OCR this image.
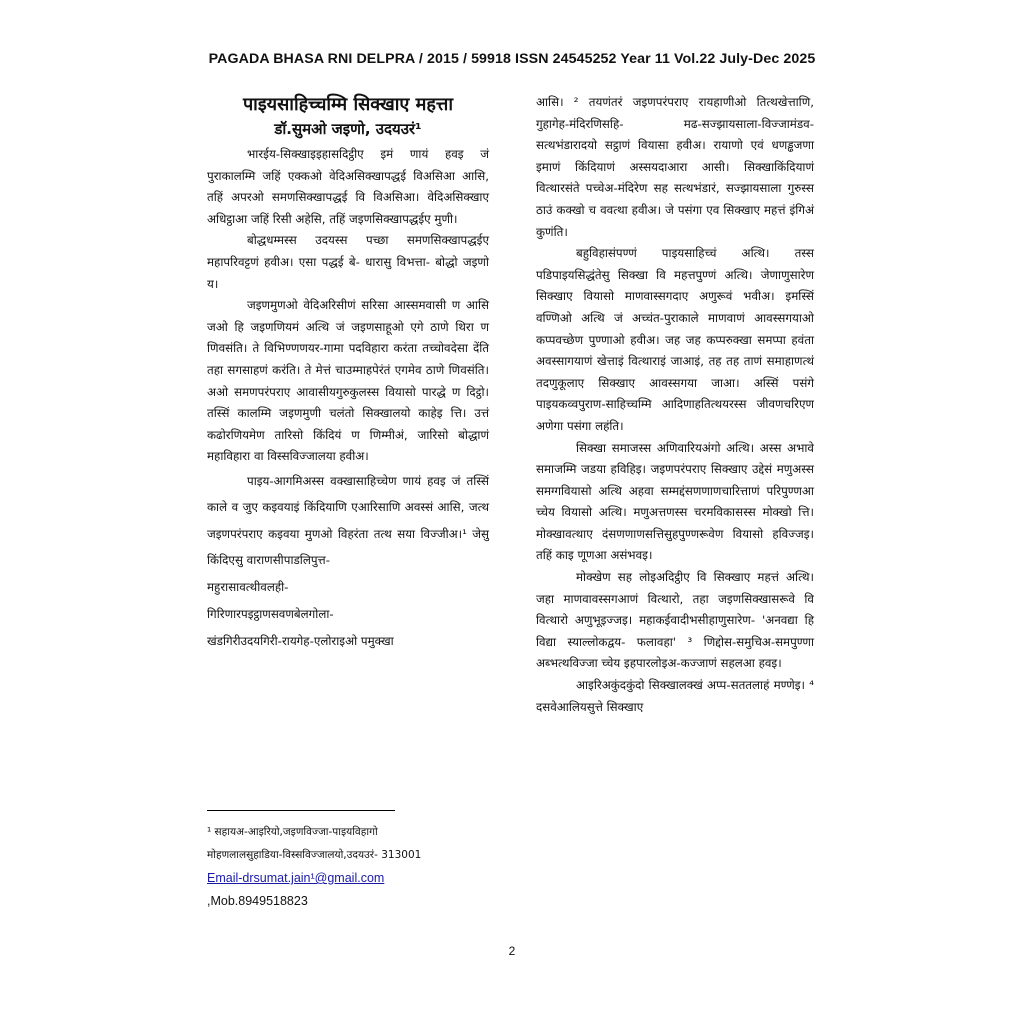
PAGADA BHASA RNI DELPRA / 2015 / 59918 ISSN 24545252 Year 11 Vol.22 July-Dec 2025
पाइयसाहिच्चम्मि सिक्खाए महत्ता
डॉ.सुमओ जइणो, उदयउरं¹

भारईय-सिक्खाइइहासदिट्ठीए इमं णायं हवइ जं पुराकालम्मि जहिं एक्कओ वेदिअसिक्खापद्धई विअसिआ आसि, तहिं अपरओ समणसिक्खापद्धई वि विअसिआ। वेदिअसिक्खाए अधिट्ठाआ जहिं रिसी अहेसि, तहिं जइणसिक्खापद्धईए मुणी।

बोद्धधम्मस्स उदयस्स पच्छा समणसिक्खापद्धईए महापरिवट्टणं हवीअ। एसा पद्धई बे- धारासु विभत्ता- बोद्धो जइणो य।

जइणमुणओ वेदिअरिसीणं सरिसा आस्समवासी ण आसि जओ हि जइणणियमं अत्थि जं जइणसाहूओ एगे ठाणे थिरा ण णिवसंति। ते विभिण्णणयर-गामा पदविहारा करंता तच्चोवदेसा देंति तहा सगसाहणं करंति। ते मेत्तं चाउम्माहपेरंतं एगमेव ठाणे णिवसंति। अओ समणपरंपराए आवासीयगुरुकुलस्स वियासो पारद्धे ण दिट्ठो। तस्सिं कालम्मि जइणमुणी चलंतो सिक्खालयो काहेइ त्ति। उत्तं कढोरणियमेण तारिसो किंदियं ण णिम्मीअं, जारिसो बोद्धाणं महाविहारा वा विस्सविज्जालया हवीअ।

पाइय-आगमिअस्स वक्खासाहिच्चेण णायं हवइ जं तस्सिं काले व जुए कइवयाइं किंदियाणि एआरिसाणि अवस्सं आसि, जत्थ जइणपरंपराए कइवया मुणओ विहरंता तत्थ सया विज्जीअ।¹ जेसु किंदिएसु वाराणसीपाडलिपुत्त-

महुरासावत्थीवलही-
गिरिणारपइट्ठाणसवणबेलगोला-
खंडगिरीउदयगिरी-रायगेह-एलोराइओ पमुक्खा
¹ सहायअ-आइरियो,जइणविज्जा-पाइयविहागो
मोहणलालसुहाडिया-विस्सविज्जालयो,उदयउरं- 313001
Email-drsumat.jain¹@gmail.com
,Mob.8949518823

आसि। ² तयणंतरं जइणपरंपराए रायहाणीओ तित्थखेत्ताणि, गुहागेह-मंदिरणिसहि- मढ-सज्झायसाला-विज्जामंडव-सत्थभंडारादयो सट्ठाणं वियासा हवीअ। रायाणो एवं धणड्ढजणा इमाणं किंदियाणं अस्सयदाआरा आसी। सिक्खाकिंदियाणं वित्थारसंते पच्चेअ-मंदिरेण सह सत्थभंडारं, सज्झायसाला गुरुस्स ठाउं कक्खो च ववत्था हवीअ। जे पसंगा एव सिक्खाए महत्तं इंगिअं कुणंति।

बहुविहासंपण्णं पाइयसाहिच्चं अत्थि। तस्स पडिपाइयसिद्धंतेसु सिक्खा वि महत्तपुण्णं अत्थि। जेणाणुसारेण सिक्खाए वियासो माणवास्सगदाए अणुरूवं भवीअ। इमस्सिं वण्णिओ अत्थि जं अच्चंत-पुराकाले माणवाणं आवस्सगयाओ कप्पवच्छेण पुण्णाओ हवीअ। जह जह कप्परुक्खा समप्पा हवंता अवस्सागयाणं खेत्ताइं वित्थाराइं जाआइं, तह तह ताणं समाहाणत्थं तदणुकूलाए सिक्खाए आवस्सगया जाआ। अस्सिं पसंगे पाइयकव्वपुराण-साहिच्चम्मि आदिणाहतित्थयरस्स जीवणचरिएण अणेगा पसंगा लहंति।

सिक्खा समाजस्स अणिवारियअंगो अत्थि। अस्स अभावे समाजम्मि जडया हविहिइ। जइणपरंपराए सिक्खाए उद्देसं मणुअस्स समग्गवियासो अत्थि अहवा सम्मद्दंसणणाणचारित्ताणं परिपुण्णआ च्चेय वियासो अत्थि। मणुअत्तणस्स चरमविकासस्स मोक्खो त्ति। मोक्खावत्थाए दंसणणाणसत्तिसुहपुण्णरूवेण वियासो हविज्जइ। तहिं काइ णूणआ असंभवइ।

मोक्खेण सह लोइअदिट्ठीए वि सिक्खाए महत्तं अत्थि। जहा माणवावस्सगआणं वित्थारो, तहा जइणसिक्खासरूवे वि वित्थारो अणुभूइज्जइ। महाकईवादीभसीहाणुसारेण- 'अनवद्या हि विद्या स्याल्लोकद्वय- फलावहा' ³ णिद्दोस-समुचिअ-समपुण्णा अब्भत्थविज्जा च्चेय इहपारलोइअ-कज्जाणं सहलआ हवइ।

आइरिअकुंदकुंदो सिक्खालक्खं अप्प-सततलाहं मण्णेइ। ⁴ दसवेआलियसुत्ते सिक्खाए

2
